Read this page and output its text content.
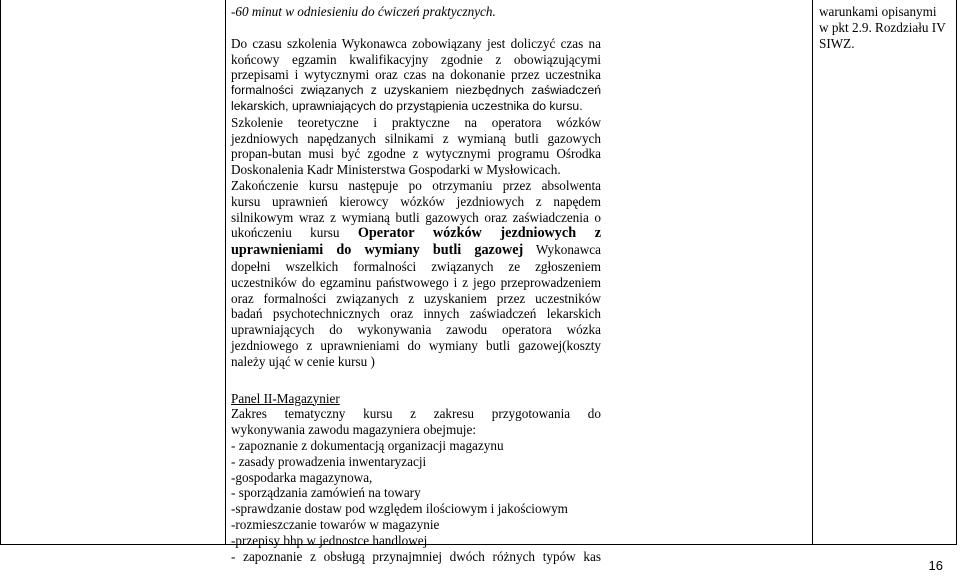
-60 minut w odniesieniu do ćwiczeń praktycznych.
Do czasu szkolenia Wykonawca zobowiązany jest doliczyć czas na
końcowy egzamin kwalifikacyjny zgodnie z obowiązującymi
przepisami i wytycznymi oraz czas na dokonanie przez uczestnika
formalności związanych z uzyskaniem niezbędnych zaświadczeń
lekarskich, uprawniających do przystąpienia uczestnika do kursu.
Szkolenie teoretyczne i praktyczne na operatora wózków
jezdniowych napędzanych silnikami z wymianą butli gazowych
propan-butan musi być zgodne z wytycznymi programu Ośrodka
Doskonalenia Kadr Ministerstwa Gospodarki w Mysłowicach.
Zakończenie kursu następuje po otrzymaniu przez absolwenta
kursu uprawnień kierowcy wózków jezdniowych z napędem
silnikowym wraz z wymianą butli gazowych oraz zaświadczenia o
ukończeniu kursu Operator wózków jezdniowych z
uprawnieniami do wymiany butli gazowej Wykonawca
dopełni wszelkich formalności związanych ze zgłoszeniem
uczestników do egzaminu państwowego i z jego przeprowadzeniem
oraz formalności związanych z uzyskaniem przez uczestników
badań psychotechnicznych oraz innych zaświadczeń lekarskich
uprawniających do wykonywania zawodu operatora wózka
jezdniowego z uprawnieniami do wymiany butli gazowej(koszty
należy ująć w cenie kursu )
Panel II-Magazynier
Zakres tematyczny kursu z zakresu przygotowania do
wykonywania zawodu magazyniera obejmuje:
- zapoznanie z dokumentacją organizacji magazynu
- zasady prowadzenia inwentaryzacji
-gospodarka magazynowa,
- sporządzania zamówień na towary
-sprawdzanie dostaw pod względem ilościowym i jakościowym
-rozmieszczanie towarów w magazynie
-przepisy bhp w jednostce handlowej
- zapoznanie z obsługą przynajmniej dwóch różnych typów kas
warunkami opisanymi
w pkt 2.9. Rozdziału IV
SIWZ.
16
